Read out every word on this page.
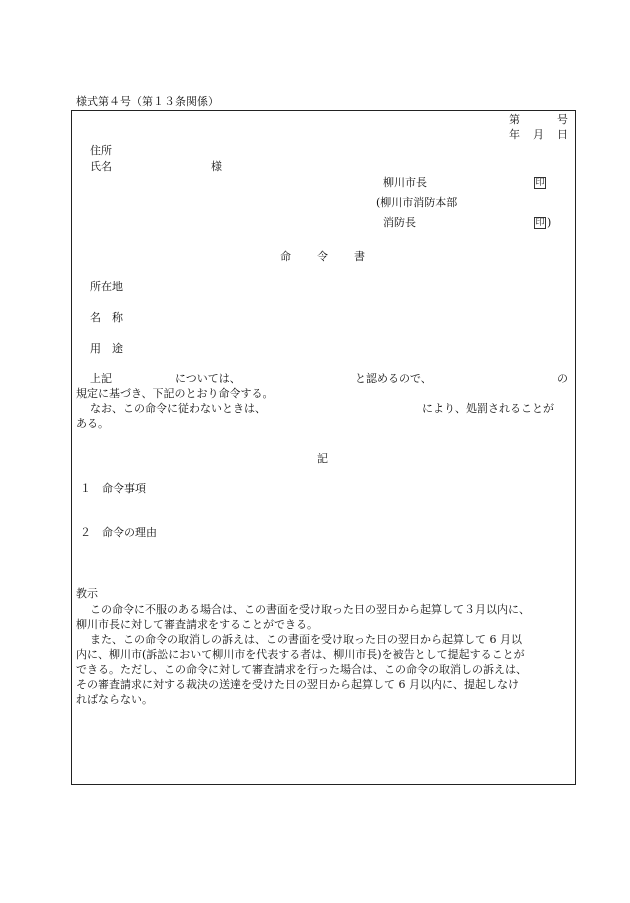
様式第４号（第１３条関係）
第	号
年 月 日
住所
氏名	様
柳川市長	印
(柳川市消防本部
消防長	印 )
命 令 書
所在地
名 称
用 途
上記	については、	と認めるので、	の
規定に基づき、下記のとおり命令する。
なお、この命令に従わないときは、	により、処罰されることが
ある。
記
１　命令事項
２　命令の理由
教示
この命令に不服のある場合は、この書面を受け取った日の翌日から起算して３月以内に、
柳川市長に対して審査請求をすることができる。
また、この命令の取消しの訴えは、この書面を受け取った日の翌日から起算して 6 月以
内に、柳川市(訴訟において柳川市を代表する者は、柳川市長)を被告として提起することが
できる。ただし、この命令に対して審査請求を行った場合は、この命令の取消しの訴えは、
その審査請求に対する裁決の送達を受けた日の翌日から起算して 6 月以内に、提起しなけ
ればならない。
